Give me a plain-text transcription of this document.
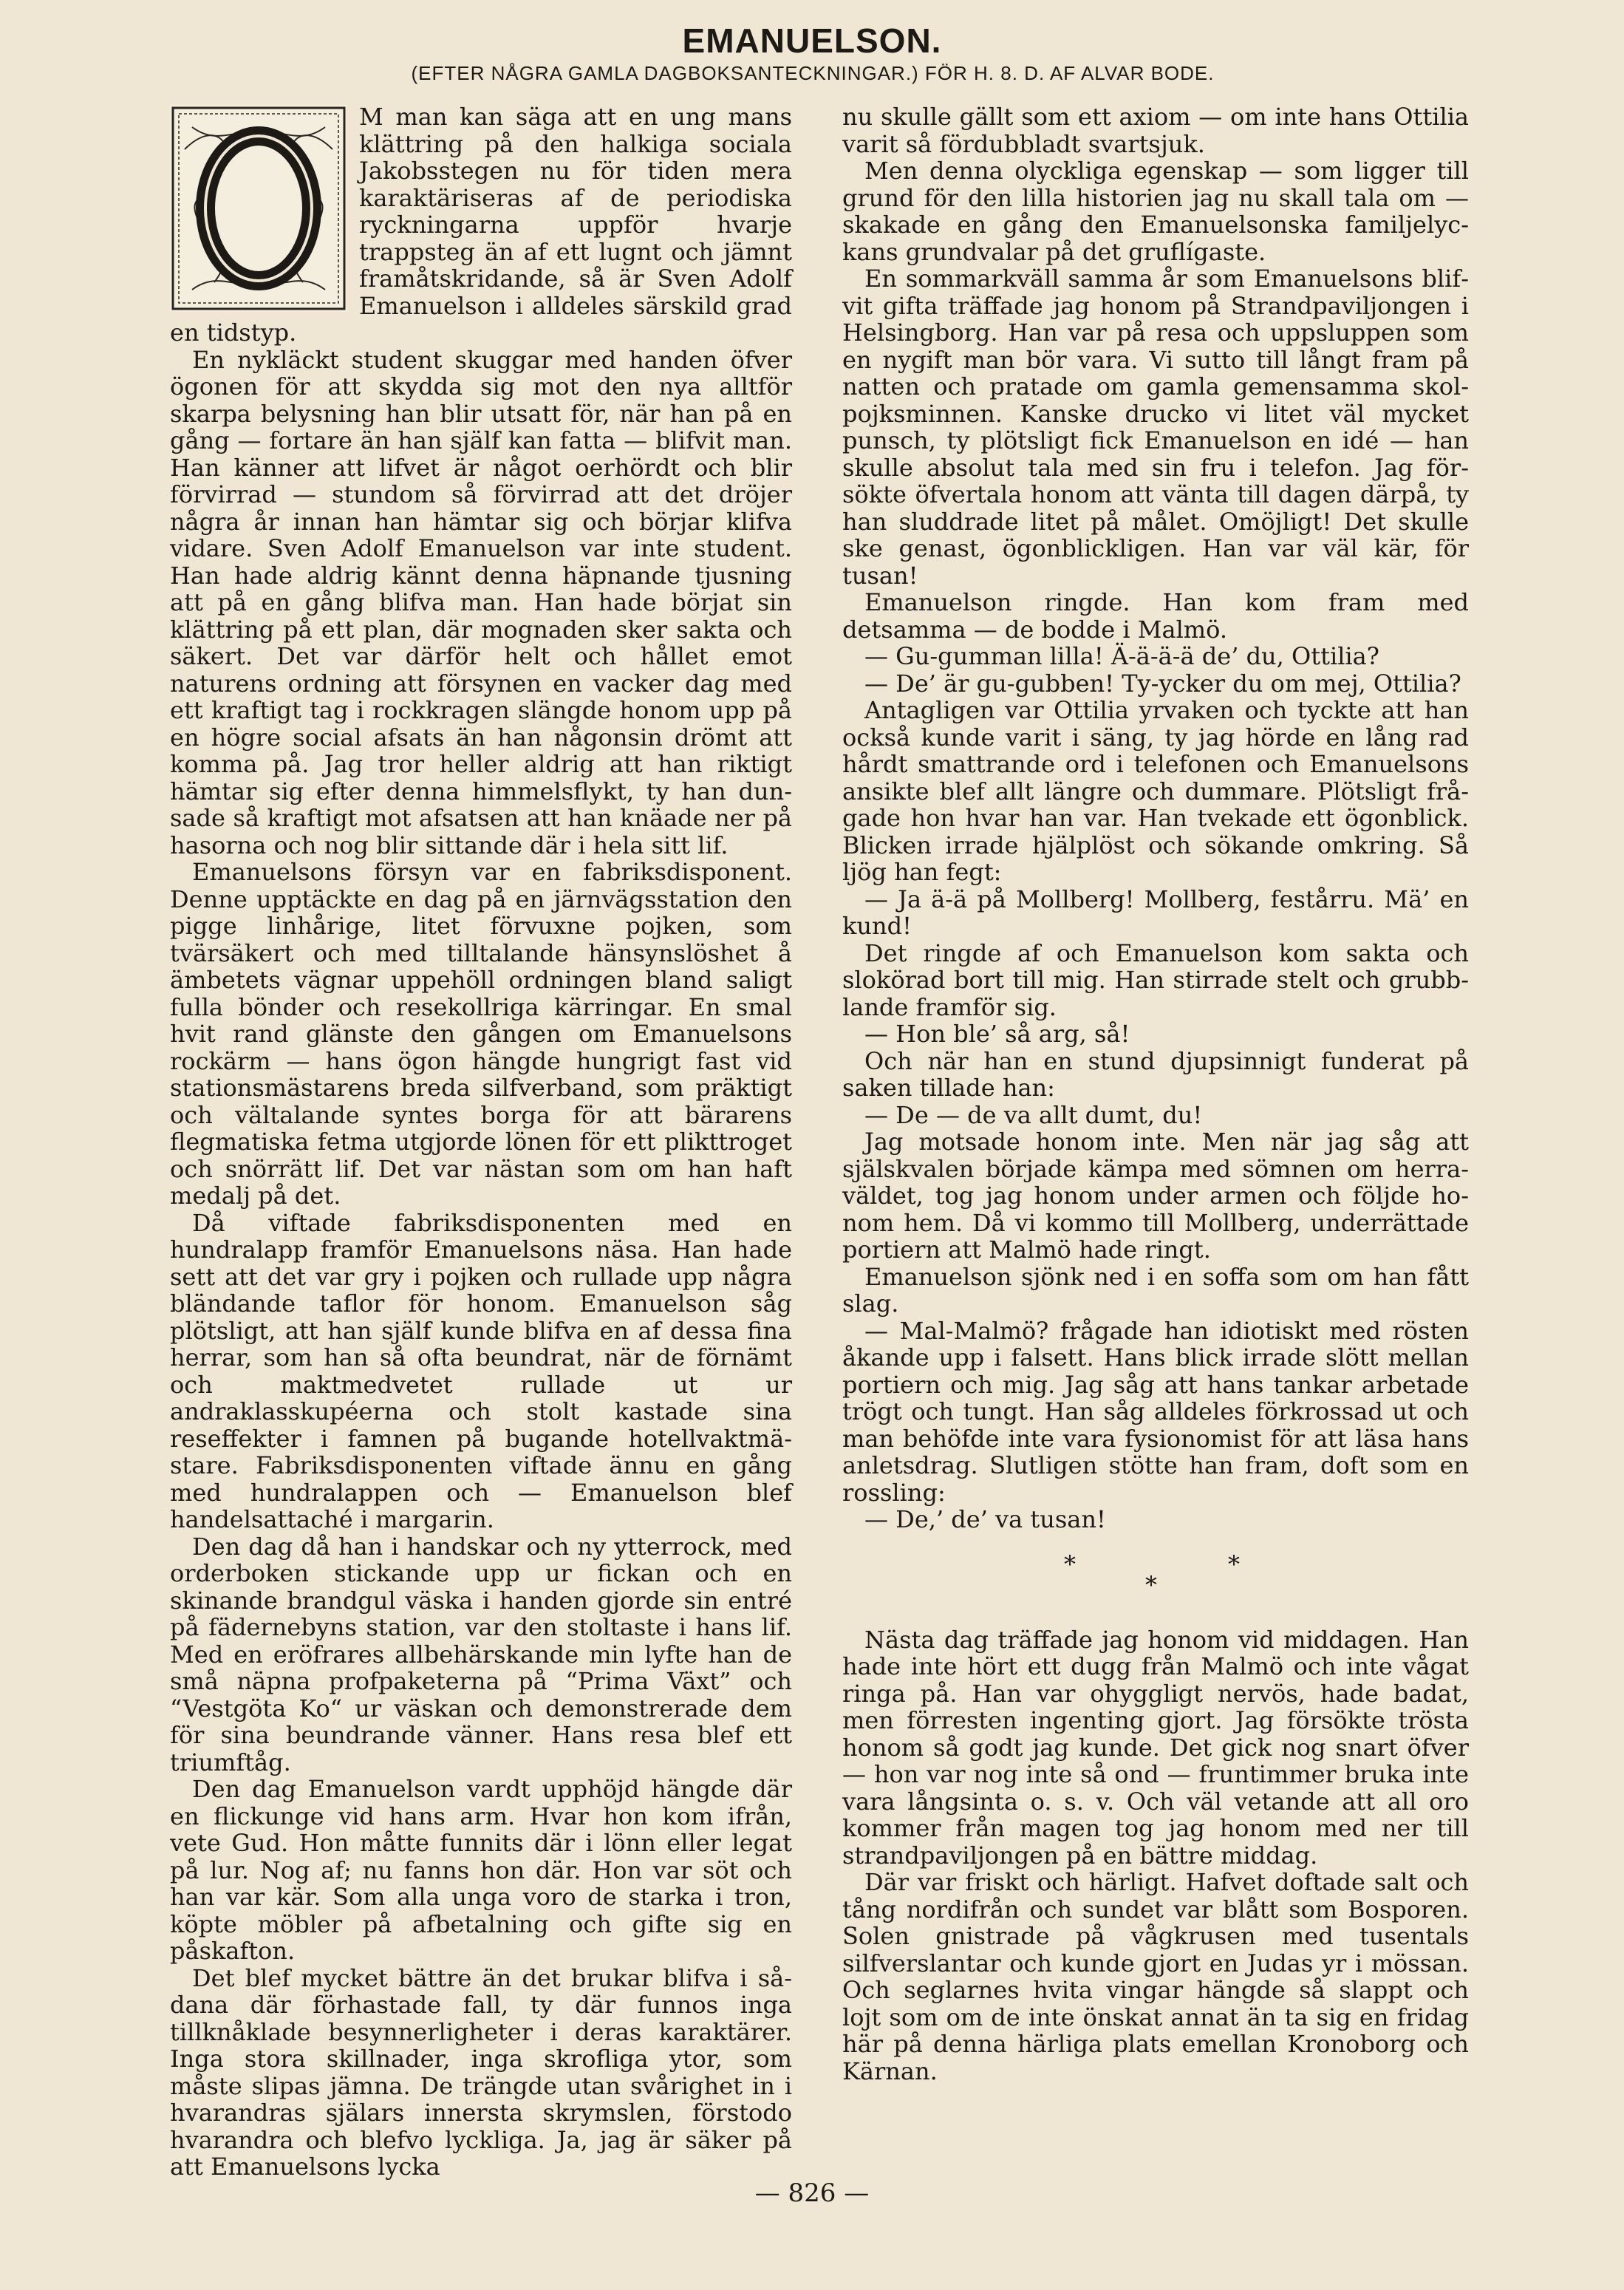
EMANUELSON.
(EFTER NÅGRA GAMLA DAGBOKSANTECKNINGAR.) FÖR H. 8. D. AF ALVAR BODE.
O

M man kan säga att en ung mans klättring på den halkiga sociala Jakobsstegen nu för tiden mera karaktäriseras af de periodiska ryckningarna uppför hvarje trappsteg än af ett lugnt och jämnt framåtskridande, så är Sven Adolf Emanuelson i alldeles särskild grad en tidstyp.

En nykläckt student skuggar med handen öfver ögonen för att skydda sig mot den nya alltför skarpa belysning han blir utsatt för, när han på en gång — fortare än han själf kan fatta — blifvit man. Han känner att lifvet är något oerhördt och blir förvirrad — stundom så förvirrad att det dröjer några år innan han hämtar sig och börjar klifva vidare. Sven Adolf Emanuelson var inte student. Han hade aldrig kännt denna häpnande tjusning att på en gång blifva man. Han hade börjat sin klättring på ett plan, där mognaden sker sakta och säkert. Det var därför helt och hållet emot naturens ordning att försynen en vacker dag med ett kraftigt tag i rockkragen slängde honom upp på en högre social afsats än han någonsin drömt att komma på. Jag tror heller aldrig att han riktigt hämtar sig efter denna himmelsflykt, ty han dunsade så kraftigt mot afsatsen att han knäade ner på hasorna och nog blir sittande där i hela sitt lif.

Emanuelsons försyn var en fabriksdisponent. Denne upptäckte en dag på en järnvägsstation den pigge linhårige, litet förvuxne pojken, som tvärsäkert och med tilltalande hänsynslöshet å ämbetets vägnar uppehöll ordningen bland saligt fulla bönder och resekollriga kärringar. En smal hvit rand glänste den gången om Emanuelsons rockärm — hans ögon hängde hungrigt fast vid stationsmästarens breda silfverband, som präktigt och vältalande syntes borga för att bärarens flegmatiska fetma utgjorde lönen för ett plikttroget och snörrätt lif. Det var nästan som om han haft medalj på det.

Då viftade fabriksdisponenten med en hundralapp framför Emanuelsons näsa. Han hade sett att det var gry i pojken och rullade upp några bländande taflor för honom. Emanuelson såg plötsligt, att han själf kunde blifva en af dessa fina herrar, som han så ofta beundrat, när de förnämt och maktmedvetet rullade ut ur andraklasskupéerna och stolt kastade sina reseffekter i famnen på bugande hotellvaktmästare. Fabriksdisponenten viftade ännu en gång med hundralappen och — Emanuelson blef handelsattaché i margarin.

Den dag då han i handskar och ny ytterrock, med orderboken stickande upp ur fickan och en skinande brandgul väska i handen gjorde sin entré på fädernebyns station, var den stoltaste i hans lif. Med en eröfrares allbehärskande min lyfte han de små näpna profpaketerna på “Prima Växt” och “Vestgöta Ko“ ur väskan och demonstrerade dem för sina beundrande vänner. Hans resa blef ett triumftåg.

Den dag Emanuelson vardt upphöjd hängde där en flickunge vid hans arm. Hvar hon kom ifrån, vete Gud. Hon måtte funnits där i lönn eller legat på lur. Nog af; nu fanns hon där. Hon var söt och han var kär. Som alla unga voro de starka i tron, köpte möbler på afbetalning och gifte sig en påskafton.

Det blef mycket bättre än det brukar blifva i sådana där förhastade fall, ty där funnos inga tillknåklade besynnerligheter i deras karaktärer. Inga stora skillnader, inga skrofliga ytor, som måste slipas jämna. De trängde utan svårighet in i hvarandras själars innersta skrymslen, förstodo hvarandra och blefvo lyckliga. Ja, jag är säker på att Emanuelsons lycka

nu skulle gällt som ett axiom — om inte hans Ottilia varit så fördubbladt svartsjuk.

Men denna olyckliga egenskap — som ligger till grund för den lilla historien jag nu skall tala om — skakade en gång den Emanuelsonska familjelyckans grundvalar på det gruflígaste.

En sommarkväll samma år som Emanuelsons blifvit gifta träffade jag honom på Strandpaviljongen i Helsingborg. Han var på resa och uppsluppen som en nygift man bör vara. Vi sutto till långt fram på natten och pratade om gamla gemensamma skolpojksminnen. Kanske drucko vi litet väl mycket punsch, ty plötsligt fick Emanuelson en idé — han skulle absolut tala med sin fru i telefon. Jag försökte öfvertala honom att vänta till dagen därpå, ty han sluddrade litet på målet. Omöjligt! Det skulle ske genast, ögonblickligen. Han var väl kär, för tusan!

Emanuelson ringde. Han kom fram med detsamma — de bodde i Malmö.

— Gu-gumman lilla! Ä-ä-ä-ä de’ du, Ottilia?

— De’ är gu-gubben! Ty-ycker du om mej, Ottilia?

Antagligen var Ottilia yrvaken och tyckte att han också kunde varit i säng, ty jag hörde en lång rad hårdt smattrande ord i telefonen och Emanuelsons ansikte blef allt längre och dummare. Plötsligt frågade hon hvar han var. Han tvekade ett ögonblick. Blicken irrade hjälplöst och sökande omkring. Så ljög han fegt:

— Ja ä-ä på Mollberg! Mollberg, festårru. Mä’ en kund!

Det ringde af och Emanuelson kom sakta och slokörad bort till mig. Han stirrade stelt och grubblande framför sig.

— Hon ble’ så arg, så!

Och när han en stund djupsinnigt funderat på saken tillade han:

— De — de va allt dumt, du!

Jag motsade honom inte. Men när jag såg att själskvalen började kämpa med sömnen om herraväldet, tog jag honom under armen och följde honom hem. Då vi kommo till Mollberg, underrättade portiern att Malmö hade ringt.

Emanuelson sjönk ned i en soffa som om han fått slag.

— Mal-Malmö? frågade han idiotiskt med rösten åkande upp i falsett. Hans blick irrade slött mellan portiern och mig. Jag såg att hans tankar arbetade trögt och tungt. Han såg alldeles förkrossad ut och man behöfde inte vara fysionomist för att läsa hans anletsdrag. Slutligen stötte han fram, doft som en rossling:

— De,’ de’ va tusan!

*
*
*

Nästa dag träffade jag honom vid middagen. Han hade inte hört ett dugg från Malmö och inte vågat ringa på. Han var ohyggligt nervös, hade badat, men förresten ingenting gjort. Jag försökte trösta honom så godt jag kunde. Det gick nog snart öfver — hon var nog inte så ond — fruntimmer bruka inte vara långsinta o. s. v. Och väl vetande att all oro kommer från magen tog jag honom med ner till strandpaviljongen på en bättre middag.

Där var friskt och härligt. Hafvet doftade salt och tång nordifrån och sundet var blått som Bosporen. Solen gnistrade på vågkrusen med tusentals silfverslantar och kunde gjort en Judas yr i mössan. Och seglarnes hvita vingar hängde så slappt och lojt som om de inte önskat annat än ta sig en fridag här på denna härliga plats emellan Kronoborg och Kärnan.

— 826 —
